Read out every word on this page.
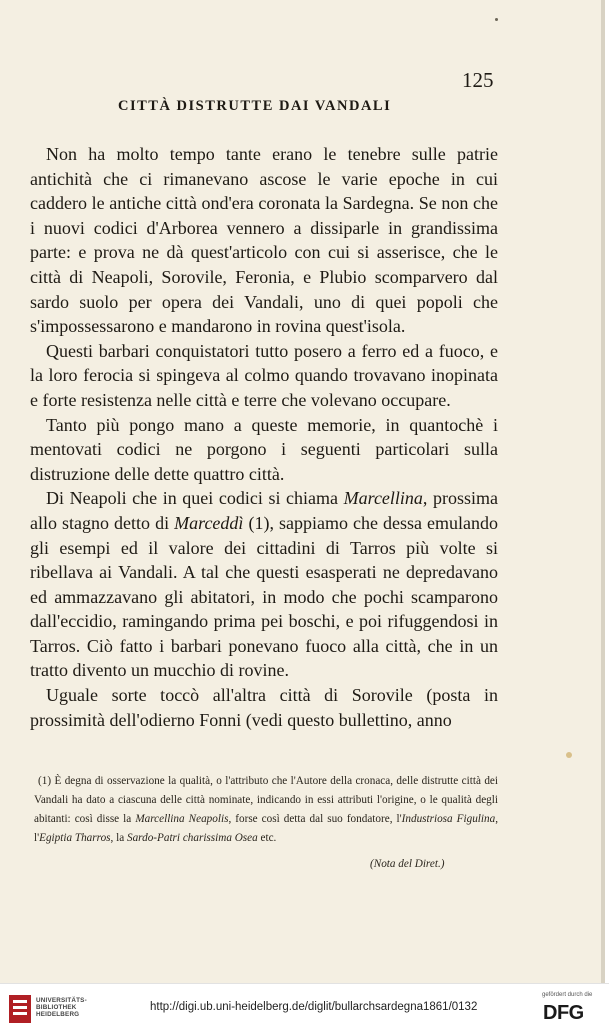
125

CITTÀ DISTRUTTE DAI VANDALI

Non ha molto tempo tante erano le tenebre sulle patrie antichità che ci rimanevano ascose le varie epoche in cui caddero le antiche città ond'era coronata la Sardegna. Se non che i nuovi codici d'Arborea vennero a dissiparle in grandissima parte: e prova ne dà quest'articolo con cui si asserisce, che le città di Neapoli, Sorovile, Feronia, e Plubio scomparvero dal sardo suolo per opera dei Vandali, uno di quei popoli che s'impossessarono e mandarono in rovina quest'isola.

Questi barbari conquistatori tutto posero a ferro ed a fuoco, e la loro ferocia si spingeva al colmo quando trovavano inopinata e forte resistenza nelle città e terre che volevano occupare.

Tanto più pongo mano a queste memorie, in quantochè i mentovati codici ne porgono i seguenti particolari sulla distruzione delle dette quattro città.

Di Neapoli che in quei codici si chiama Marcellina, prossima allo stagno detto di Marceddì (1), sappiamo che dessa emulando gli esempi ed il valore dei cittadini di Tarros più volte si ribellava ai Vandali. A tal che questi esasperati ne depredavano ed ammazzavano gli abitatori, in modo che pochi scamparono dall'eccidio, ramingando prima pei boschi, e poi rifuggendosi in Tarros. Ciò fatto i barbari ponevano fuoco alla città, che in un tratto divento un mucchio di rovine.

Uguale sorte toccò all'altra città di Sorovile (posta in prossimità dell'odierno Fonni (vedi questo bullettino, anno

(1) È degna di osservazione la qualità, o l'attributo che l'Autore della cronaca, delle distrutte città dei Vandali ha dato a ciascuna delle città nominate, indicando in essi attributi l'origine, o le qualità degli abitanti: così disse la Marcellina Neapolis, forse così detta dal suo fondatore, l'Industriosa Figulina, l'Egiptia Tharros, la Sardo-Patri charissima Osea etc.

(Nota del Diret.)

UNIVERSITÄTS-
BIBLIOTHEK
HEIDELBERG

http://digi.ub.uni-heidelberg.de/diglit/bullarchsardegna1861/0132

gefördert durch die

DFG
